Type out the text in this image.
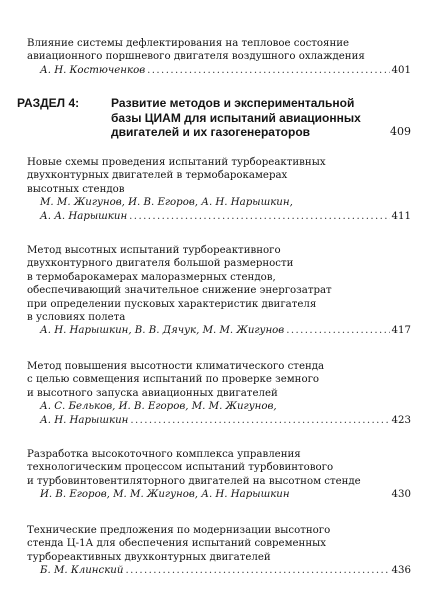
Влияние системы дефлектирования на тепловое состояние
авиационного поршневого двигателя воздушного охлаждения
А. Н. Костюченков .....	401
РАЗДЕЛ 4:	Развитие методов и экспериментальной
базы ЦИАМ для испытаний авиационных
двигателей и их газогенераторов	409
Новые схемы проведения испытаний турбореактивных
двухконтурных двигателей в термобарокамерах
высотных стендов
М. М. Жигунов, И. В. Егоров, А. Н. Нарышкин,
А. А. Нарышкин .....	411
Метод высотных испытаний турбореактивного
двухконтурного двигателя большой размерности
в термобарокамерах малоразмерных стендов,
обеспечивающий значительное снижение энергозатрат
при определении пусковых характеристик двигателя
в условиях полета
А. Н. Нарышкин, В. В. Дячук, М. М. Жигунов .....	417
Метод повышения высотности климатического стенда
с целью совмещения испытаний по проверке земного
и высотного запуска авиационных двигателей
А. С. Бельков, И. В. Егоров, М. М. Жигунов,
А. Н. Нарышкин .....	423
Разработка высокоточного комплекса управления
технологическим процессом испытаний турбовинтового
и турбовинтовентиляторного двигателей на высотном стенде
И. В. Егоров, М. М. Жигунов, А. Н. Нарышкин	430
Технические предложения по модернизации высотного
стенда Ц-1А для обеспечения испытаний современных
турбореактивных двухконтурных двигателей
Б. М. Клинский .....	436
